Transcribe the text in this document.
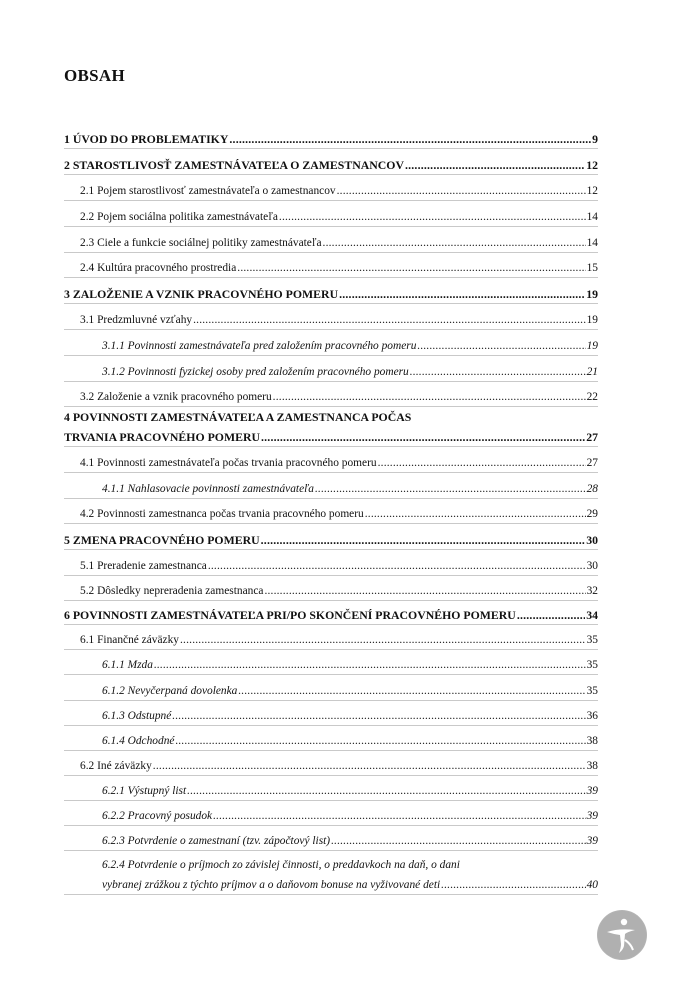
OBSAH
1 ÚVOD DO PROBLEMATIKY .....	9
2 STAROSTLIVOSŤ ZAMESTNÁVATEĽA O ZAMESTNANCOV .....	12
2.1 Pojem starostlivosť zamestnávateľa o zamestnancov .....	12
2.2 Pojem sociálna politika zamestnávateľa .....	14
2.3 Ciele a funkcie sociálnej politiky zamestnávateľa .....	14
2.4 Kultúra pracovného prostredia .....	15
3 ZALOŽENIE A VZNIK PRACOVNÉHO POMERU .....	19
3.1 Predzmluvné vzťahy .....	19
3.1.1 Povinnosti zamestnávateľa pred založením pracovného pomeru .....	19
3.1.2 Povinnosti fyzickej osoby pred založením pracovného pomeru .....	21
3.2 Založenie a vznik pracovného pomeru .....	22
4 POVINNOSTI ZAMESTNÁVATEĽA A ZAMESTNANCA POČAS
TRVANIA PRACOVNÉHO POMERU .....	27
4.1 Povinnosti zamestnávateľa počas trvania pracovného pomeru .....	27
4.1.1 Nahlasovacie povinnosti zamestnávateľa .....	28
4.2 Povinnosti zamestnanca počas trvania pracovného pomeru .....	29
5 ZMENA PRACOVNÉHO POMERU .....	30
5.1 Preradenie zamestnanca .....	30
5.2 Dôsledky nepreradenia zamestnanca .....	32
6 POVINNOSTI ZAMESTNÁVATEĽA PRI/PO SKONČENÍ PRACOVNÉHO POMERU .....	34
6.1 Finančné záväzky .....	35
6.1.1 Mzda .....	35
6.1.2 Nevyčerpaná dovolenka .....	35
6.1.3 Odstupné .....	36
6.1.4 Odchodné .....	38
6.2 Iné záväzky .....	38
6.2.1 Výstupný list .....	39
6.2.2 Pracovný posudok .....	39
6.2.3 Potvrdenie o zamestnaní (tzv. zápočtový list) .....	39
6.2.4 Potvrdenie o príjmoch zo závislej činnosti, o preddavkoch na daň, o dani
vybranej zrážkou z týchto príjmov a o daňovom bonuse na vyživované deti .....	40
